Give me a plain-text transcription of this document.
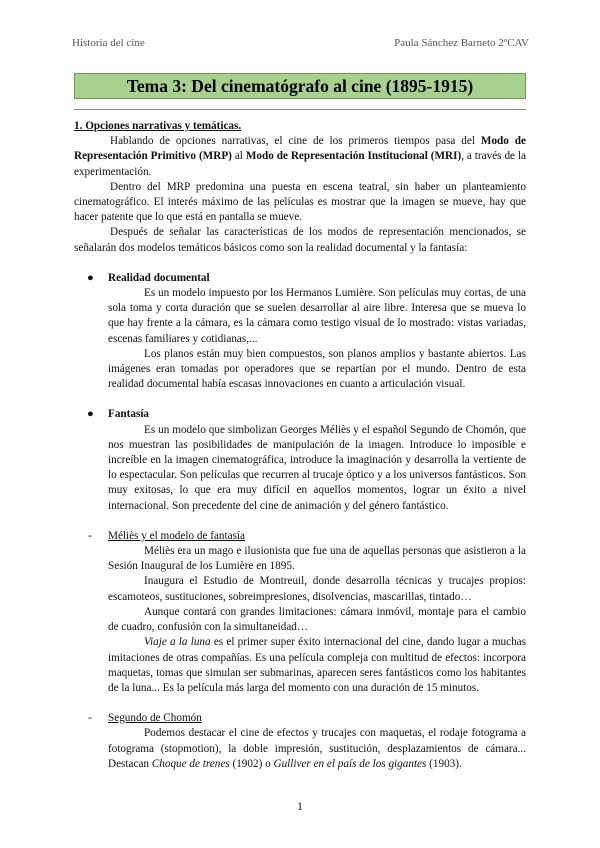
Historia del cine	Paula Sánchez Barneto 2ºCAV
Tema 3: Del cinematógrafo al cine (1895-1915)

1. Opciones narrativas y temáticas.

Hablando de opciones narrativas, el cine de los primeros tiempos pasa del Modo de Representación Primitivo (MRP) al Modo de Representación Institucional (MRI), a través de la experimentación.

Dentro del MRP predomina una puesta en escena teatral, sin haber un planteamiento cinematográfico. El interés máximo de las películas es mostrar que la imagen se mueve, hay que hacer patente que lo que está en pantalla se mueve.

Después de señalar las características de los modos de representación mencionados, se señalarán dos modelos temáticos básicos como son la realidad documental y la fantasía:

● Realidad documental

Es un modelo impuesto por los Hermanos Lumière. Son películas muy cortas, de una sola toma y corta duración que se suelen desarrollar al aire libre. Interesa que se mueva lo que hay frente a la cámara, es la cámara como testigo visual de lo mostrado: vistas variadas, escenas familiares y cotidianas,...

Los planos están muy bien compuestos, son planos amplios y bastante abiertos. Las imágenes eran tomadas por operadores que se repartían por el mundo. Dentro de esta realidad documental había escasas innovaciones en cuanto a articulación visual.

● Fantasía

Es un modelo que simbolizan Georges Méliès y el español Segundo de Chomón, que nos muestran las posibilidades de manipulación de la imagen. Introduce lo imposible e increíble en la imagen cinematográfica, introduce la imaginación y desarrolla la vertiente de lo espectacular. Son películas que recurren al trucaje óptico y a los universos fantásticos. Son muy exitosas, lo que era muy difícil en aquellos momentos, lograr un éxito a nivel internacional. Son precedente del cine de animación y del género fantástico.

- Méliès y el modelo de fantasía

Méliès era un mago e ilusionista que fue una de aquellas personas que asistieron a la Sesión Inaugural de los Lumière en 1895.

Inaugura el Estudio de Montreuil, donde desarrolla técnicas y trucajes propios: escamoteos, sustituciones, sobreimpresiones, disolvencias, mascarillas, tintado…

Aunque contará con grandes limitaciones: cámara inmóvil, montaje para el cambio de cuadro, confusión con la simultaneidad…

Viaje a la luna es el primer super éxito internacional del cine, dando lugar a muchas imitaciones de otras compañías. Es una película compleja con multitud de efectos: incorpora maquetas, tomas que simulan ser submarinas, aparecen seres fantásticos como los habitantes de la luna... Es la película más larga del momento con una duración de 15 minutos.

- Segundo de Chomón

Podemos destacar el cine de efectos y trucajes con maquetas, el rodaje fotograma a fotograma (stopmotion), la doble impresión, sustitución, desplazamientos de cámara... Destacan Choque de trenes (1902) o Gulliver en el país de los gigantes (1903).

1
